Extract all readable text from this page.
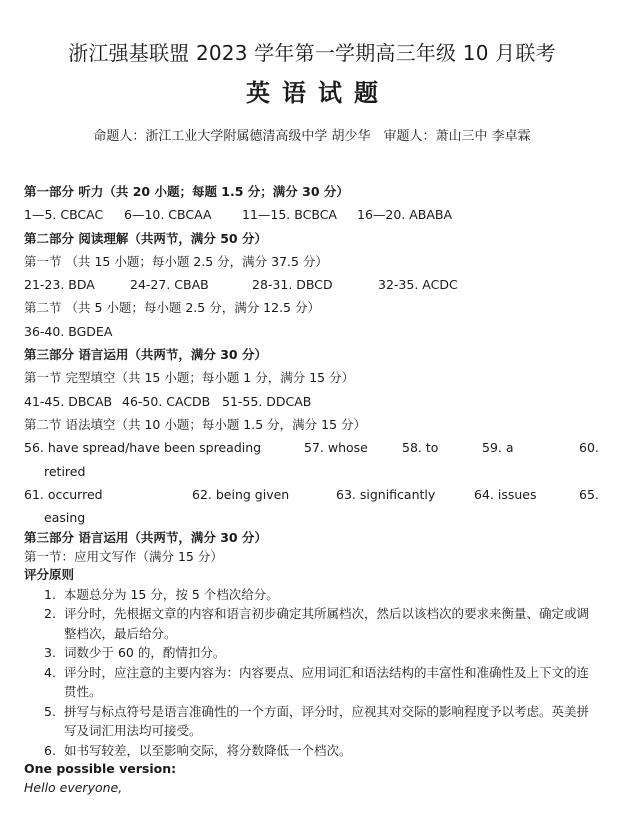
浙江强基联盟 2023 学年第一学期高三年级 10 月联考
英语试题
命题人：浙江工业大学附属德清高级中学 胡少华　审题人：萧山三中 李卓霖
第一部分 听力（共 20 小题；每题 1.5 分；满分 30 分）
1—5. CBCAC 6—10. CBCAA 11—15. BCBCA 16—20. ABABA
第二部分 阅读理解（共两节，满分 50 分）
第一节 （共 15 小题；每小题 2.5 分，满分 37.5 分）
21-23. BDA	24-27. CBAB	28-31. DBCD	32-35. ACDC
第二节 （共 5 小题；每小题 2.5 分，满分 12.5 分）
36-40. BGDEA
第三部分 语言运用（共两节，满分 30 分）
第一节 完型填空（共 15 小题；每小题 1 分，满分 15 分）
41-45. DBCAB 46-50. CACDB 51-55. DDCAB
第二节 语法填空（共 10 小题；每小题 1.5 分，满分 15 分）
56. have spread/have been spreading	57. whose	58. to	59. a	60.
retired
61. occurred	62. being given	63. significantly	64. issues	65.
easing
第三部分 语言运用（共两节，满分 30 分）
第一节：应用文写作（满分 15 分）
评分原则
1. 本题总分为 15 分，按 5 个档次给分。
2. 评分时，先根据文章的内容和语言初步确定其所属档次，然后以该档次的要求来衡量、确定或调整档次，最后给分。
3. 词数少于 60 的，酌情扣分。
4. 评分时，应注意的主要内容为：内容要点、应用词汇和语法结构的丰富性和准确性及上下文的连贯性。
5. 拼写与标点符号是语言准确性的一个方面，评分时，应视其对交际的影响程度予以考虑。英美拼写及词汇用法均可接受。
6. 如书写较差，以至影响交际，将分数降低一个档次。
One possible version:
Hello everyone,
